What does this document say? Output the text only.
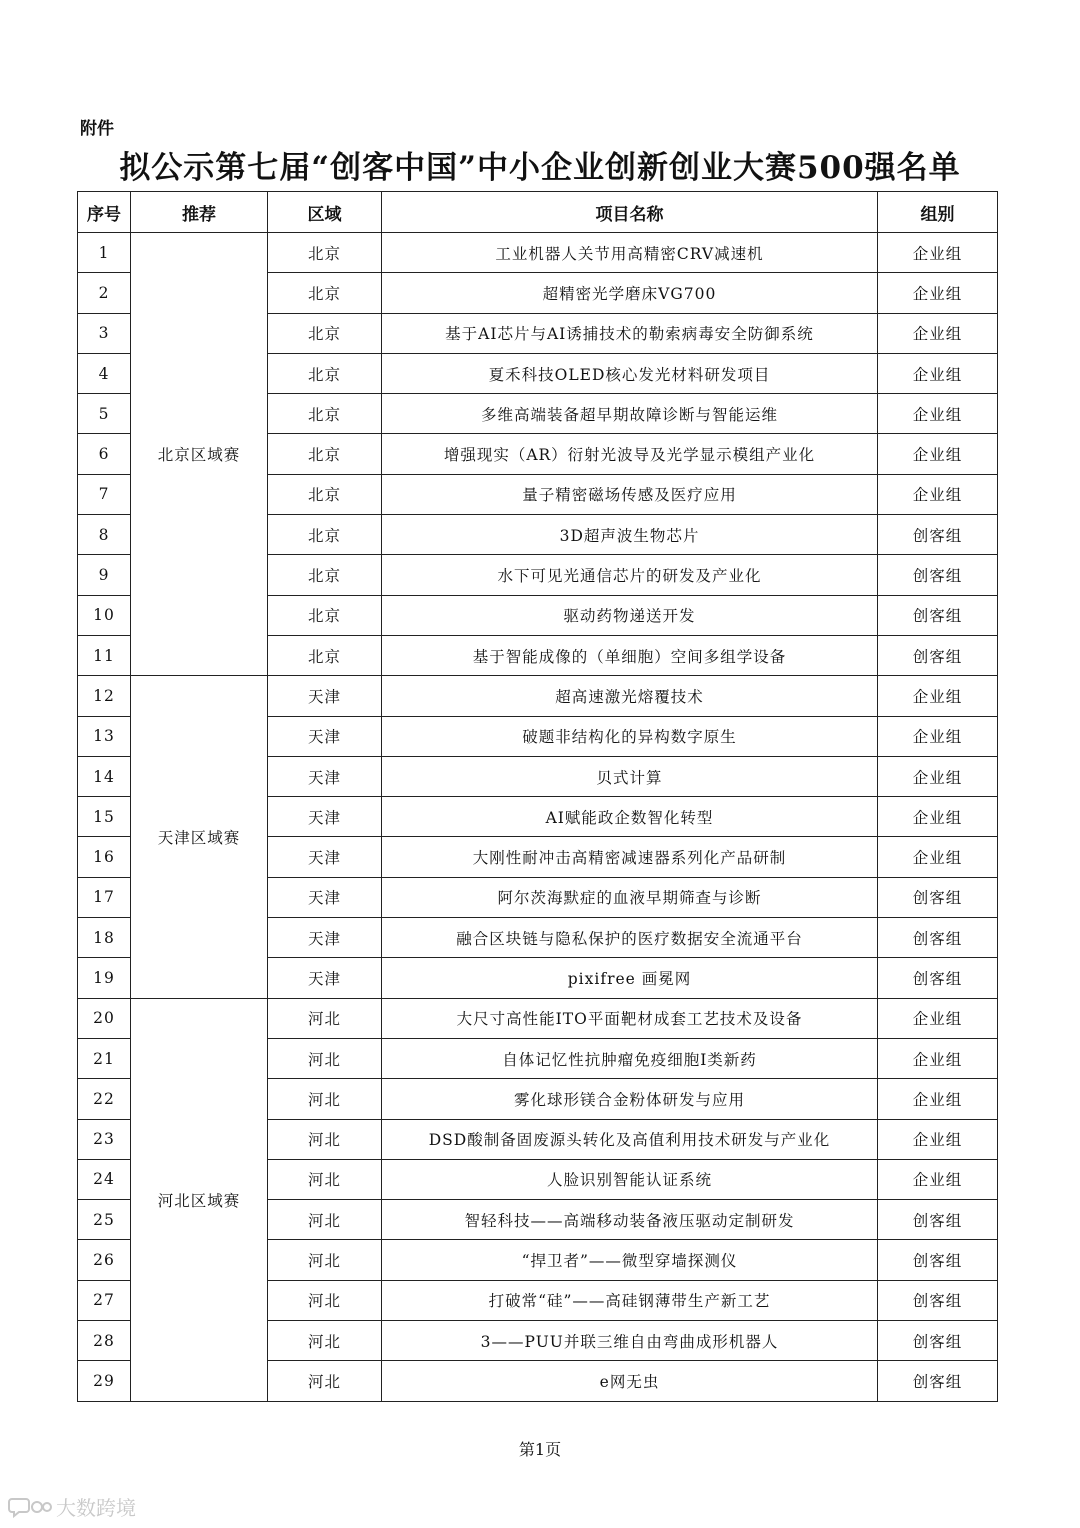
附件
拟公示第七届“创客中国”中小企业创新创业大赛500强名单
序号	推荐	区域	项目名称	组别
1	北京区域赛	北京	工业机器人关节用高精密CRV减速机	企业组
2		北京	超精密光学磨床VG700	企业组
3		北京	基于AI芯片与AI诱捕技术的勒索病毒安全防御系统	企业组
4		北京	夏禾科技OLED核心发光材料研发项目	企业组
5		北京	多维高端装备超早期故障诊断与智能运维	企业组
6		北京	增强现实（AR）衍射光波导及光学显示模组产业化	企业组
7		北京	量子精密磁场传感及医疗应用	企业组
8		北京	3D超声波生物芯片	创客组
9		北京	水下可见光通信芯片的研发及产业化	创客组
10		北京	驱动药物递送开发	创客组
11		北京	基于智能成像的（单细胞）空间多组学设备	创客组
12	天津区域赛	天津	超高速激光熔覆技术	企业组
13		天津	破题非结构化的异构数字原生	企业组
14		天津	贝式计算	企业组
15		天津	AI赋能政企数智化转型	企业组
16		天津	大刚性耐冲击高精密减速器系列化产品研制	企业组
17		天津	阿尔茨海默症的血液早期筛查与诊断	创客组
18		天津	融合区块链与隐私保护的医疗数据安全流通平台	创客组
19		天津	pixifree 画冕网	创客组
20	河北区域赛	河北	大尺寸高性能ITO平面靶材成套工艺技术及设备	企业组
21		河北	自体记忆性抗肿瘤免疫细胞Ⅰ类新药	企业组
22		河北	雾化球形镁合金粉体研发与应用	企业组
23		河北	DSD酸制备固废源头转化及高值利用技术研发与产业化	企业组
24		河北	人脸识别智能认证系统	企业组
25		河北	智轻科技——高端移动装备液压驱动定制研发	创客组
26		河北	“捍卫者”——微型穿墙探测仪	创客组
27		河北	打破常“硅”——高硅钢薄带生产新工艺	创客组
28		河北	3——PUU并联三维自由弯曲成形机器人	创客组
29		河北	e网无虫	创客组
第1页
大数跨境
